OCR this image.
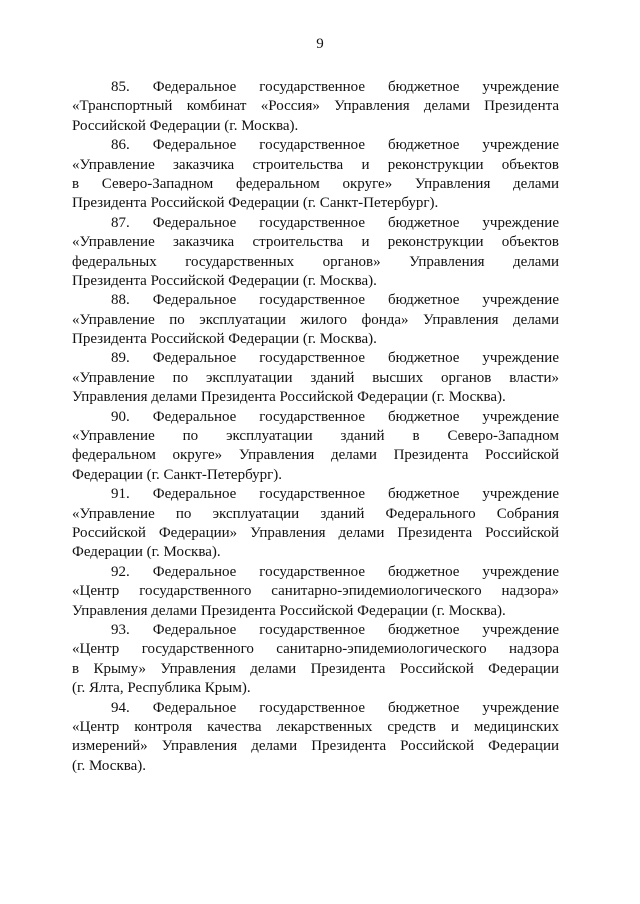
9
85. Федеральное государственное бюджетное учреждение
«Транспортный комбинат «Россия» Управления делами Президента
Российской Федерации (г. Москва).
86. Федеральное государственное бюджетное учреждение
«Управление заказчика строительства и реконструкции объектов
в Северо-Западном федеральном округе» Управления делами
Президента Российской Федерации (г. Санкт-Петербург).
87. Федеральное государственное бюджетное учреждение
«Управление заказчика строительства и реконструкции объектов
федеральных государственных органов» Управления делами
Президента Российской Федерации (г. Москва).
88. Федеральное государственное бюджетное учреждение
«Управление по эксплуатации жилого фонда» Управления делами
Президента Российской Федерации (г. Москва).
89. Федеральное государственное бюджетное учреждение
«Управление по эксплуатации зданий высших органов власти»
Управления делами Президента Российской Федерации (г. Москва).
90. Федеральное государственное бюджетное учреждение
«Управление по эксплуатации зданий в Северо-Западном
федеральном округе» Управления делами Президента Российской
Федерации (г. Санкт-Петербург).
91. Федеральное государственное бюджетное учреждение
«Управление по эксплуатации зданий Федерального Собрания
Российской Федерации» Управления делами Президента Российской
Федерации (г. Москва).
92. Федеральное государственное бюджетное учреждение
«Центр государственного санитарно-эпидемиологического надзора»
Управления делами Президента Российской Федерации (г. Москва).
93. Федеральное государственное бюджетное учреждение
«Центр государственного санитарно-эпидемиологического надзора
в Крыму» Управления делами Президента Российской Федерации
(г. Ялта, Республика Крым).
94. Федеральное государственное бюджетное учреждение
«Центр контроля качества лекарственных средств и медицинских
измерений» Управления делами Президента Российской Федерации
(г. Москва).
